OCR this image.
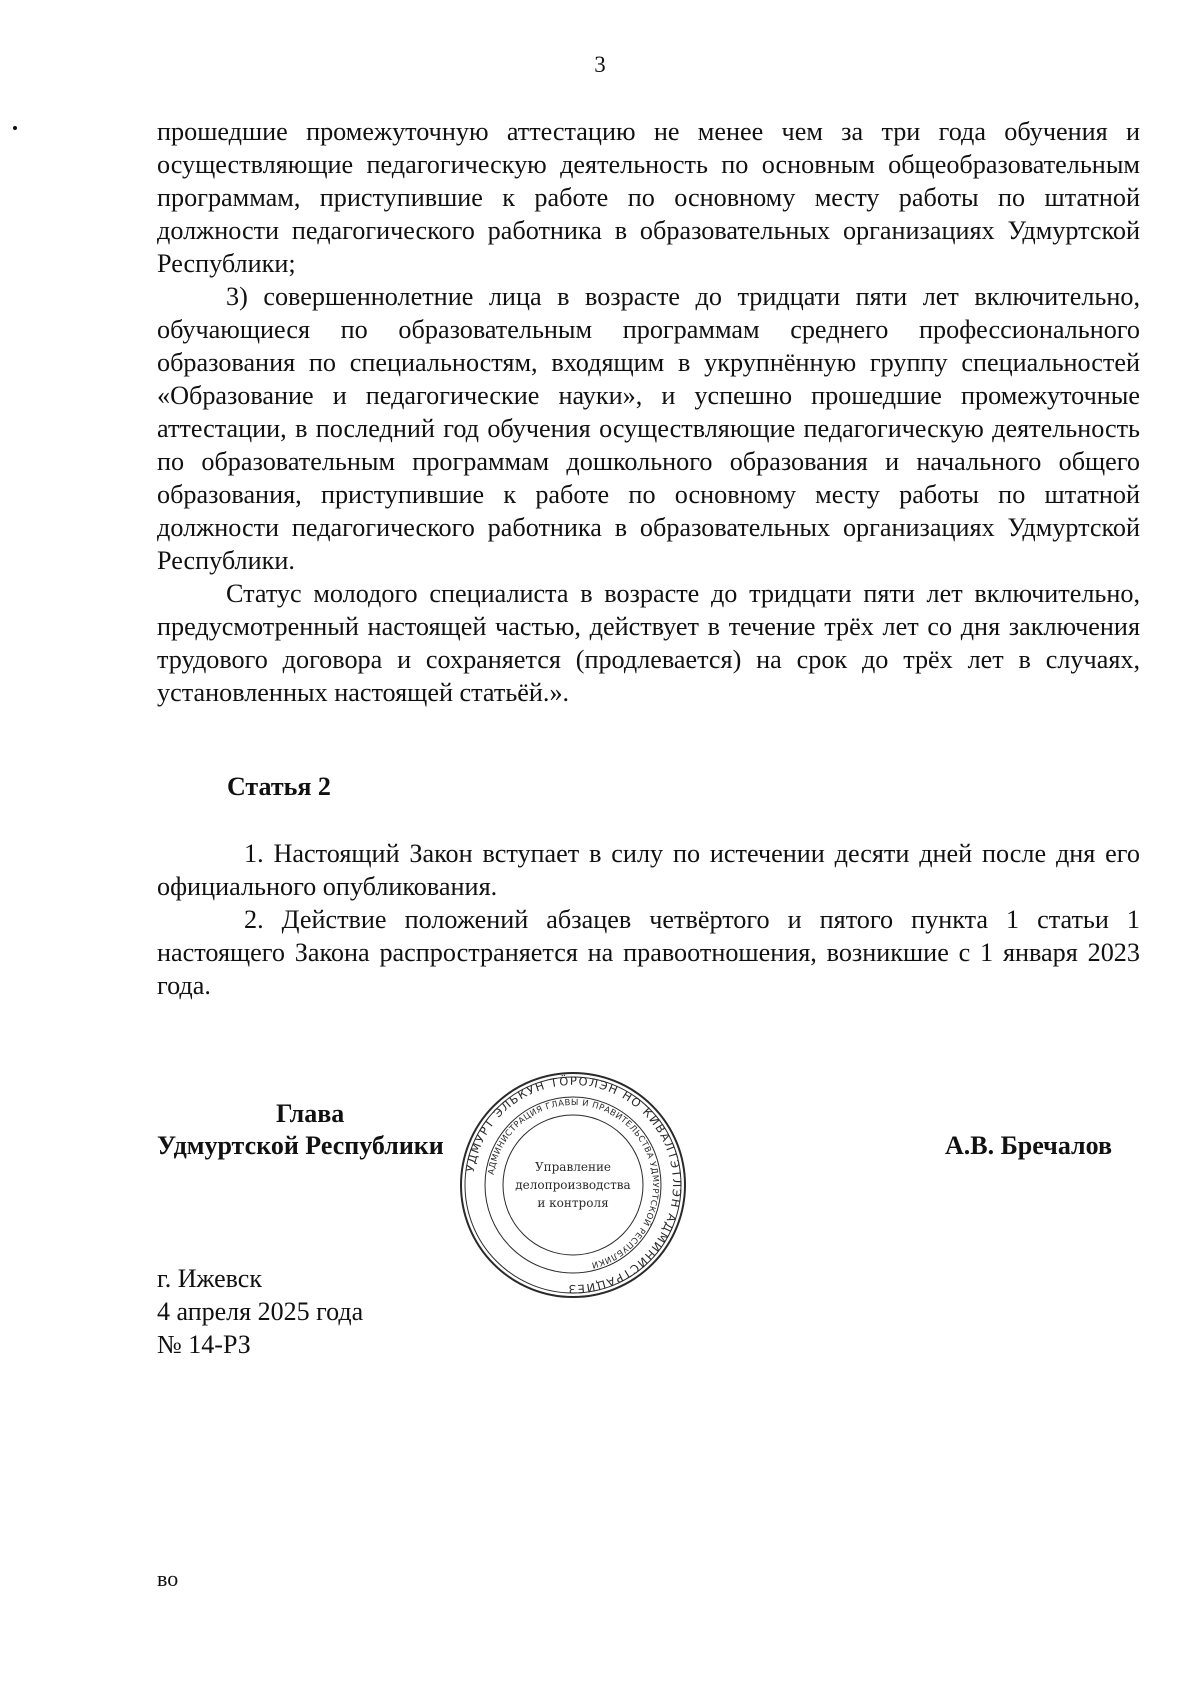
3

прошедшие промежуточную аттестацию не менее чем за три года обучения и осуществляющие педагогическую деятельность по основным общеобразовательным программам, приступившие к работе по основному месту работы по штатной должности педагогического работника в образовательных организациях Удмуртской Республики;

3) совершеннолетние лица в возрасте до тридцати пяти лет включительно, обучающиеся по образовательным программам среднего профессионального образования по специальностям, входящим в укрупнённую группу специальностей «Образование и педагогические науки», и успешно прошедшие промежуточные аттестации, в последний год обучения осуществляющие педагогическую деятельность по образовательным программам дошкольного образования и начального общего образования, приступившие к работе по основному месту работы по штатной должности педагогического работника в образовательных организациях Удмуртской Республики.

Статус молодого специалиста в возрасте до тридцати пяти лет включительно, предусмотренный настоящей частью, действует в течение трёх лет со дня заключения трудового договора и сохраняется (продлевается) на срок до трёх лет в случаях, установленных настоящей статьёй.».

Статья 2

1. Настоящий Закон вступает в силу по истечении десяти дней после дня его официального опубликования.

2. Действие положений абзацев четвёртого и пятого пункта 1 статьи 1 настоящего Закона распространяется на правоотношения, возникшие с 1 января 2023 года.

Глава
Удмуртской Республики	А.В. Бречалов
УДМУРТ ЭЛЬКУН ТӦРОЛЭН НО КИВАЛТЭТЛЭН АДМИНИСТРАЦИЕЗ
АДМИНИСТРАЦИЯ ГЛАВЫ И ПРАВИТЕЛЬСТВА УДМУРТСКОЙ РЕСПУБЛИКИ
Управление
делопроизводства
и контроля
г. Ижевск
4 апреля 2025 года
№ 14-РЗ
во
